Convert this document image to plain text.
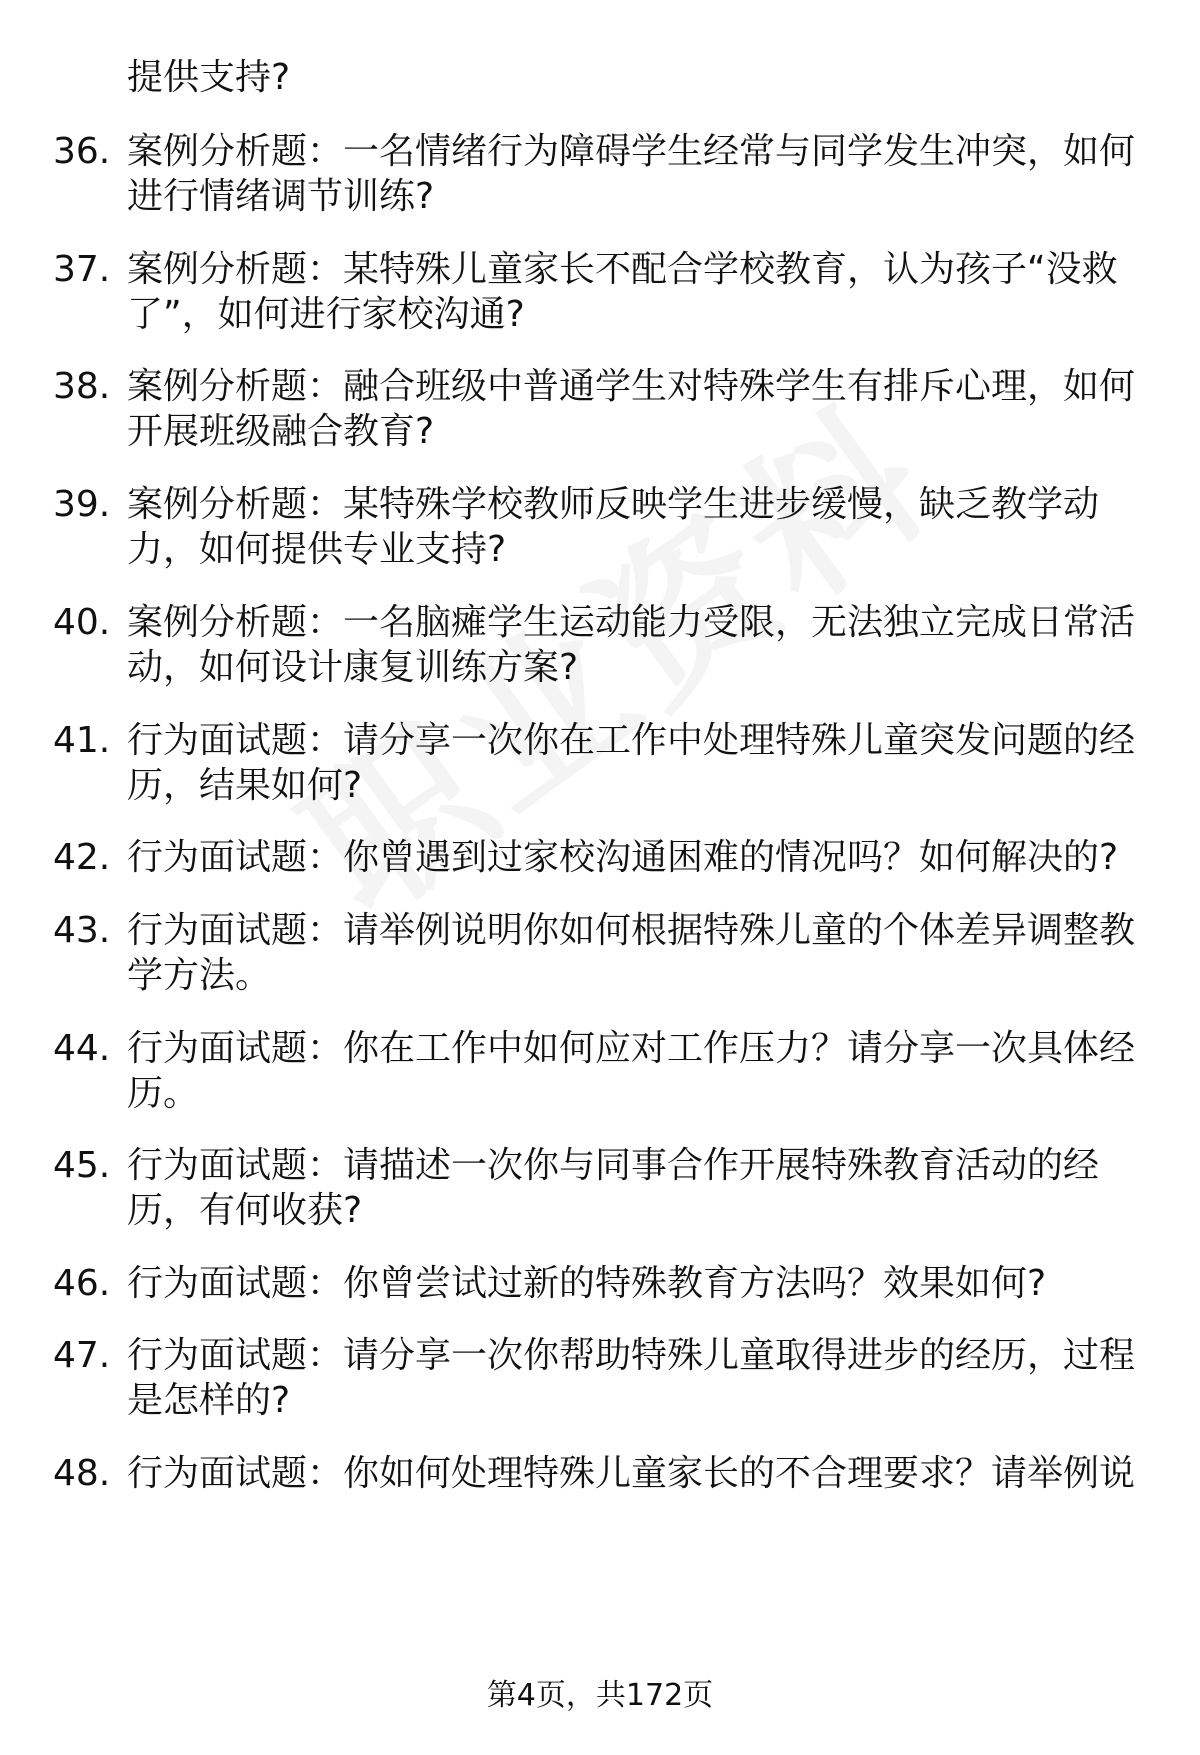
提供支持?
36. 案例分析题：一名情绪行为障碍学生经常与同学发生冲突，如何
进行情绪调节训练?
37. 案例分析题：某特殊儿童家长不配合学校教育，认为孩子“没救
了”，如何进行家校沟通?
38. 案例分析题：融合班级中普通学生对特殊学生有排斥心理，如何
开展班级融合教育?
39. 案例分析题：某特殊学校教师反映学生进步缓慢，缺乏教学动
力，如何提供专业支持?
40. 案例分析题：一名脑瘫学生运动能力受限，无法独立完成日常活
动，如何设计康复训练方案?
41. 行为面试题：请分享一次你在工作中处理特殊儿童突发问题的经
历，结果如何?
42. 行为面试题：你曾遇到过家校沟通困难的情况吗？如何解决的?
43. 行为面试题：请举例说明你如何根据特殊儿童的个体差异调整教
学方法。
44. 行为面试题：你在工作中如何应对工作压力？请分享一次具体经
历。
45. 行为面试题：请描述一次你与同事合作开展特殊教育活动的经
历，有何收获?
46. 行为面试题：你曾尝试过新的特殊教育方法吗？效果如何?
47. 行为面试题：请分享一次你帮助特殊儿童取得进步的经历，过程
是怎样的?
48. 行为面试题：你如何处理特殊儿童家长的不合理要求？请举例说
第4页，共172页
